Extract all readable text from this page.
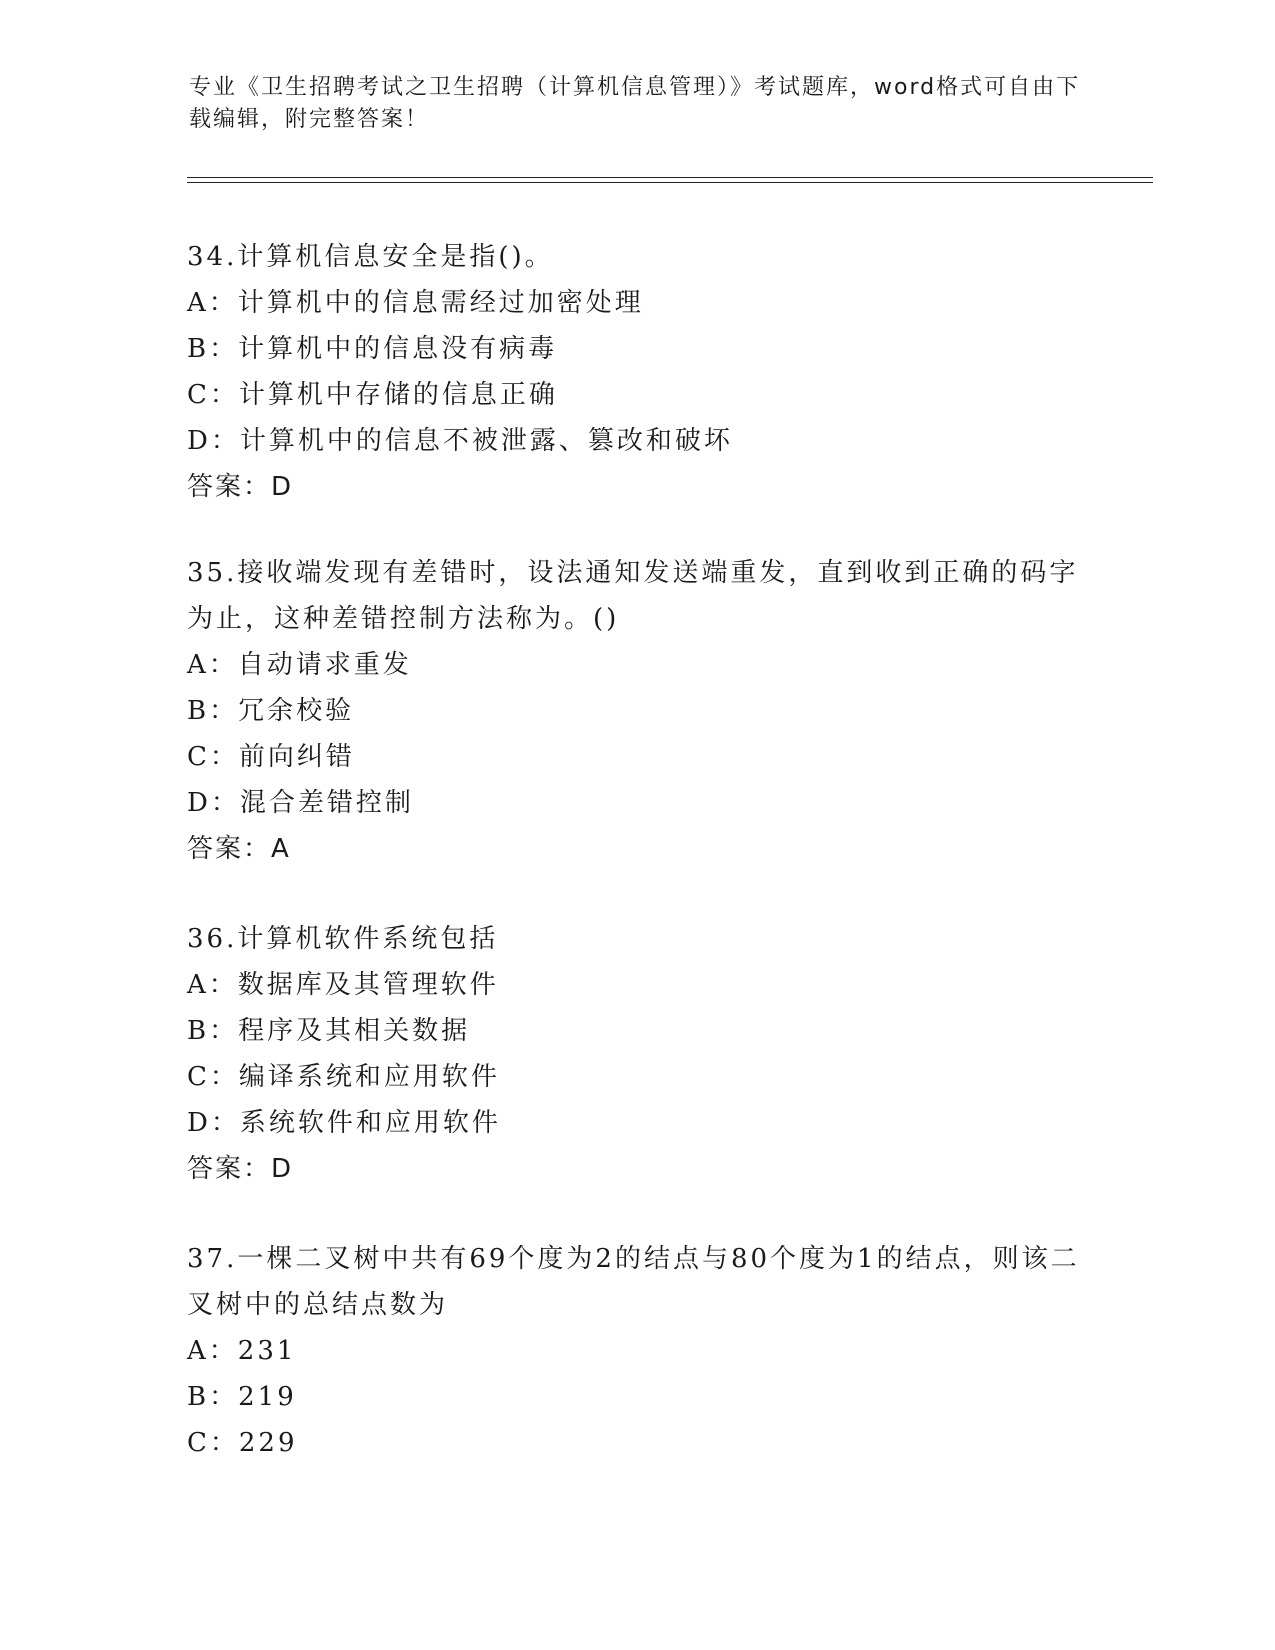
专业《卫生招聘考试之卫生招聘（计算机信息管理）》考试题库，word格式可自由下载编辑，附完整答案！

34.计算机信息安全是指()。

A：计算机中的信息需经过加密处理

B：计算机中的信息没有病毒

C：计算机中存储的信息正确

D：计算机中的信息不被泄露、篡改和破坏

答案：D

35.接收端发现有差错时，设法通知发送端重发，直到收到正确的码字为止，这种差错控制方法称为。()

A：自动请求重发

B：冗余校验

C：前向纠错

D：混合差错控制

答案：A

36.计算机软件系统包括

A：数据库及其管理软件

B：程序及其相关数据

C：编译系统和应用软件

D：系统软件和应用软件

答案：D

37.一棵二叉树中共有69个度为2的结点与80个度为1的结点，则该二叉树中的总结点数为

A：231

B：219

C：229
